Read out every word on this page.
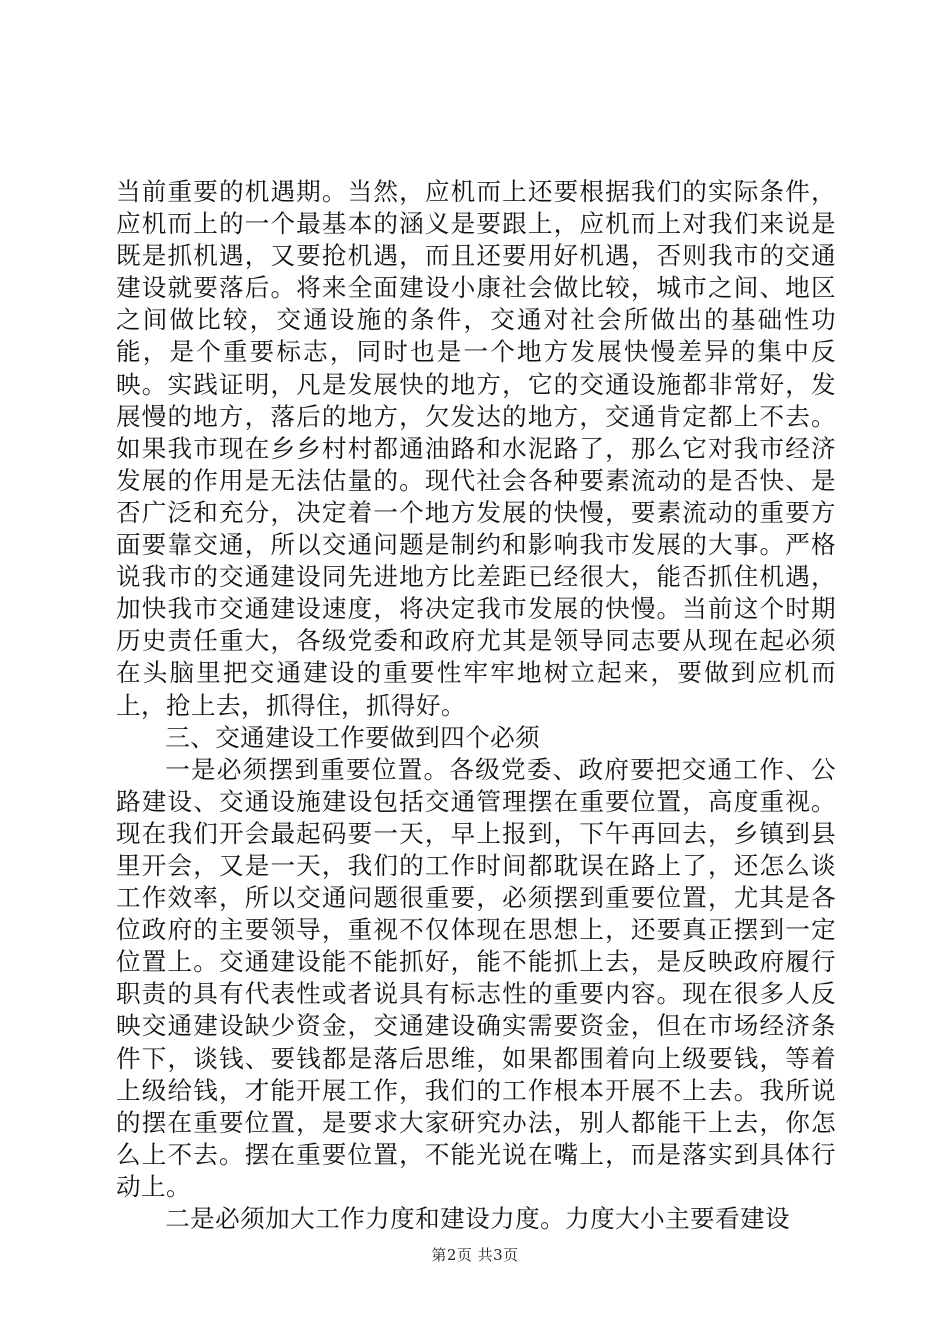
当前重要的机遇期。当然，应机而上还要根据我们的实际条件，应机而上的一个最基本的涵义是要跟上，应机而上对我们来说是既是抓机遇，又要抢机遇，而且还要用好机遇，否则我市的交通建设就要落后。将来全面建设小康社会做比较，城市之间、地区之间做比较，交通设施的条件，交通对社会所做出的基础性功能，是个重要标志，同时也是一个地方发展快慢差异的集中反映。实践证明，凡是发展快的地方，它的交通设施都非常好，发展慢的地方，落后的地方，欠发达的地方，交通肯定都上不去。如果我市现在乡乡村村都通油路和水泥路了，那么它对我市经济发展的作用是无法估量的。现代社会各种要素流动的是否快、是否广泛和充分，决定着一个地方发展的快慢，要素流动的重要方面要靠交通，所以交通问题是制约和影响我市发展的大事。严格说我市的交通建设同先进地方比差距已经很大，能否抓住机遇，加快我市交通建设速度，将决定我市发展的快慢。当前这个时期历史责任重大，各级党委和政府尤其是领导同志要从现在起必须在头脑里把交通建设的重要性牢牢地树立起来，要做到应机而上，抢上去，抓得住，抓得好。

三、交通建设工作要做到四个必须

一是必须摆到重要位置。各级党委、政府要把交通工作、公路建设、交通设施建设包括交通管理摆在重要位置，高度重视。现在我们开会最起码要一天，早上报到，下午再回去，乡镇到县里开会，又是一天，我们的工作时间都耽误在路上了，还怎么谈工作效率，所以交通问题很重要，必须摆到重要位置，尤其是各位政府的主要领导，重视不仅体现在思想上，还要真正摆到一定位置上。交通建设能不能抓好，能不能抓上去，是反映政府履行职责的具有代表性或者说具有标志性的重要内容。现在很多人反映交通建设缺少资金，交通建设确实需要资金，但在市场经济条件下，谈钱、要钱都是落后思维，如果都围着向上级要钱，等着上级给钱，才能开展工作，我们的工作根本开展不上去。我所说的摆在重要位置，是要求大家研究办法，别人都能干上去，你怎么上不去。摆在重要位置，不能光说在嘴上，而是落实到具体行动上。

二是必须加大工作力度和建设力度。力度大小主要看建设

第2页 共3页
